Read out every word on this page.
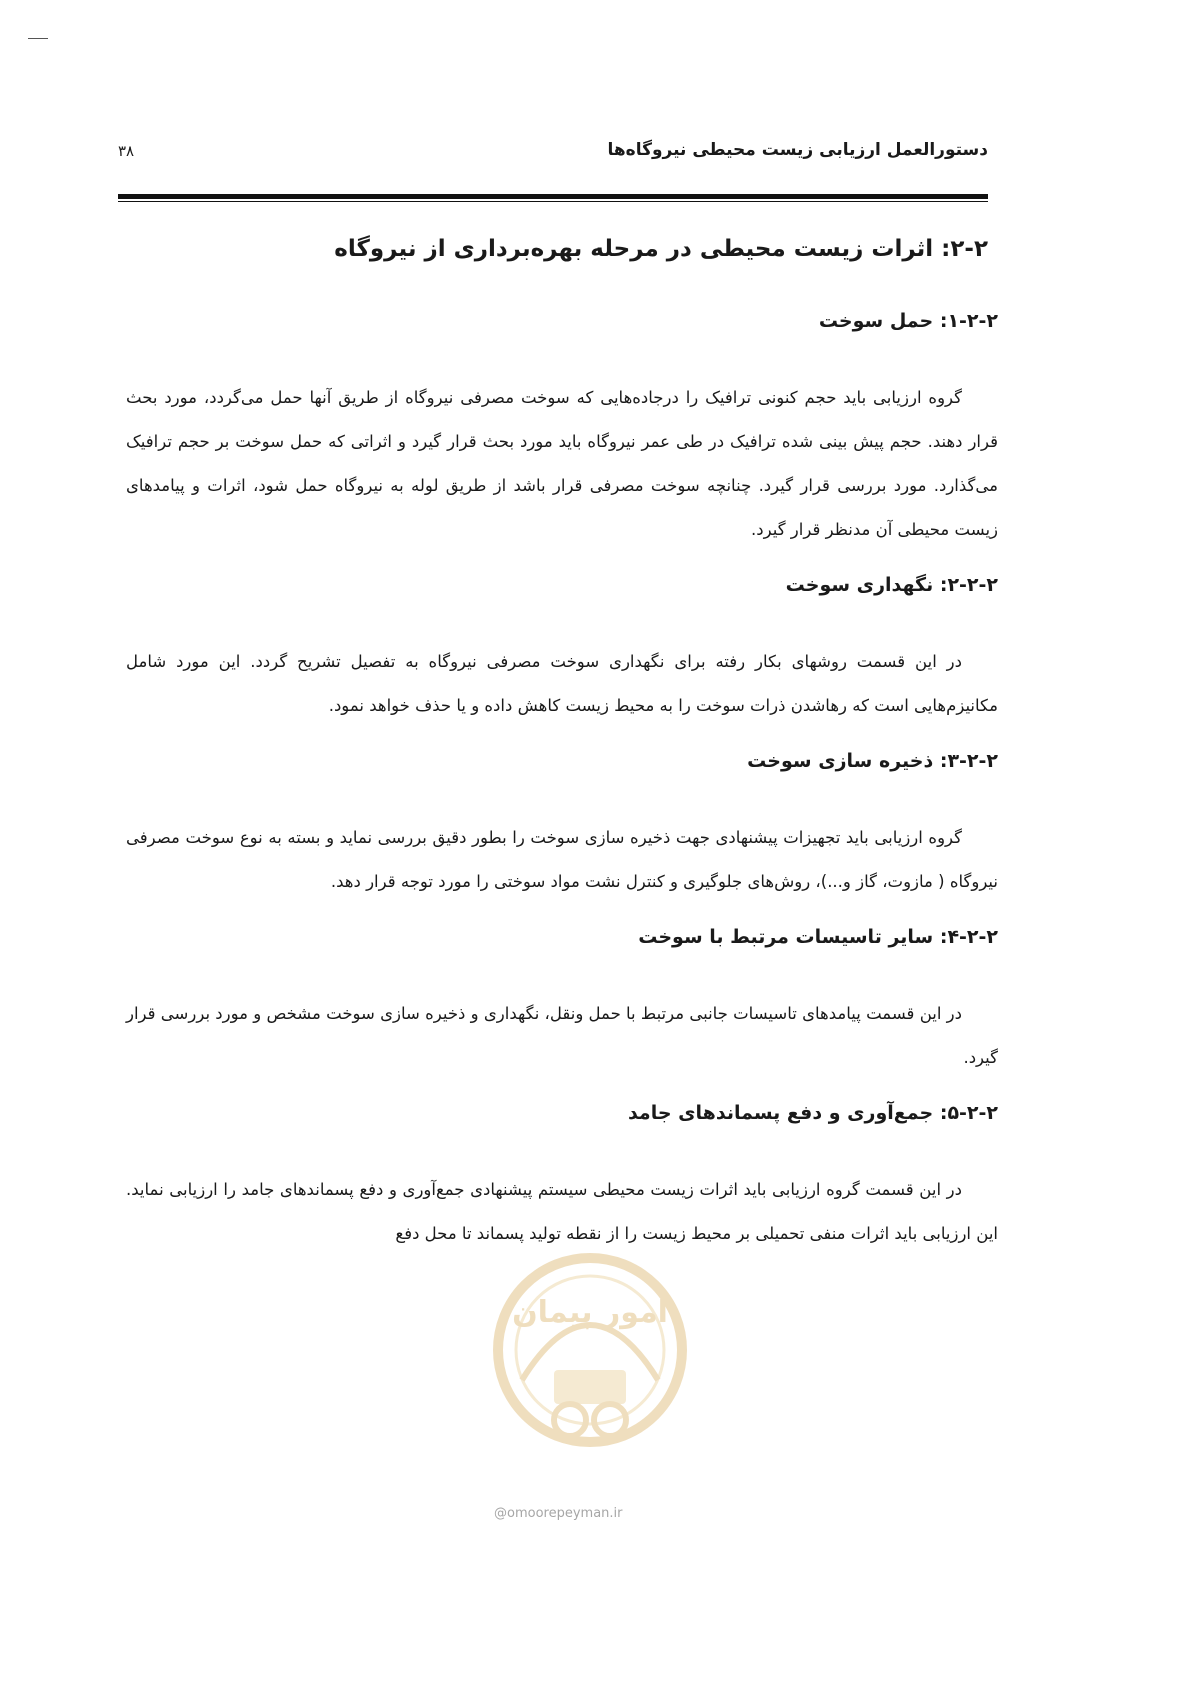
دستورالعمل ارزیابی زیست محیطی نیروگاه‌ها
۳۸
۲-۲: اثرات زیست محیطی در مرحله بهره‌برداری از نیروگاه
۱-۲-۲: حمل سوخت

گروه ارزیابی باید حجم کنونی ترافیک را درجاده‌هایی که سوخت مصرفی نیروگاه از طریق آنها حمل می‌گردد، مورد بحث قرار دهند. حجم پیش بینی شده ترافیک در طی عمر نیروگاه باید مورد بحث قرار گیرد و اثراتی که حمل سوخت بر حجم ترافیک می‌گذارد. مورد بررسی قرار گیرد. چنانچه سوخت مصرفی قرار باشد از طریق لوله به نیروگاه حمل شود، اثرات و پیامدهای زیست محیطی آن مدنظر قرار گیرد.

۲-۲-۲: نگهداری سوخت

در این قسمت روشهای بکار رفته برای نگهداری سوخت مصرفی نیروگاه به تفصیل تشریح گردد. این مورد شامل مکانیزم‌هایی است که رهاشدن ذرات سوخت را به محیط زیست کاهش داده و یا حذف خواهد نمود.

۳-۲-۲: ذخیره سازی سوخت

گروه ارزیابی باید تجهیزات پیشنهادی جهت ذخیره سازی سوخت را بطور دقیق بررسی نماید و بسته به نوع سوخت مصرفی نیروگاه ( مازوت، گاز و...)، روش‌های جلوگیری و کنترل نشت مواد سوختی را مورد توجه قرار دهد.

۴-۲-۲: سایر تاسیسات مرتبط با سوخت

در این قسمت پیامدهای تاسیسات جانبی مرتبط با حمل ونقل، نگهداری و ذخیره سازی سوخت مشخص و مورد بررسی قرار گیرد.

۵-۲-۲: جمع‌آوری و دفع پسماندهای جامد

در این قسمت گروه ارزیابی باید اثرات زیست محیطی سیستم پیشنهادی جمع‌آوری و دفع پسماندهای جامد را ارزیابی نماید. این ارزیابی باید اثرات منفی تحمیلی بر محیط زیست را از نقطه تولید پسماند تا محل دفع

امور پیمان
@omoorepeyman.ir
